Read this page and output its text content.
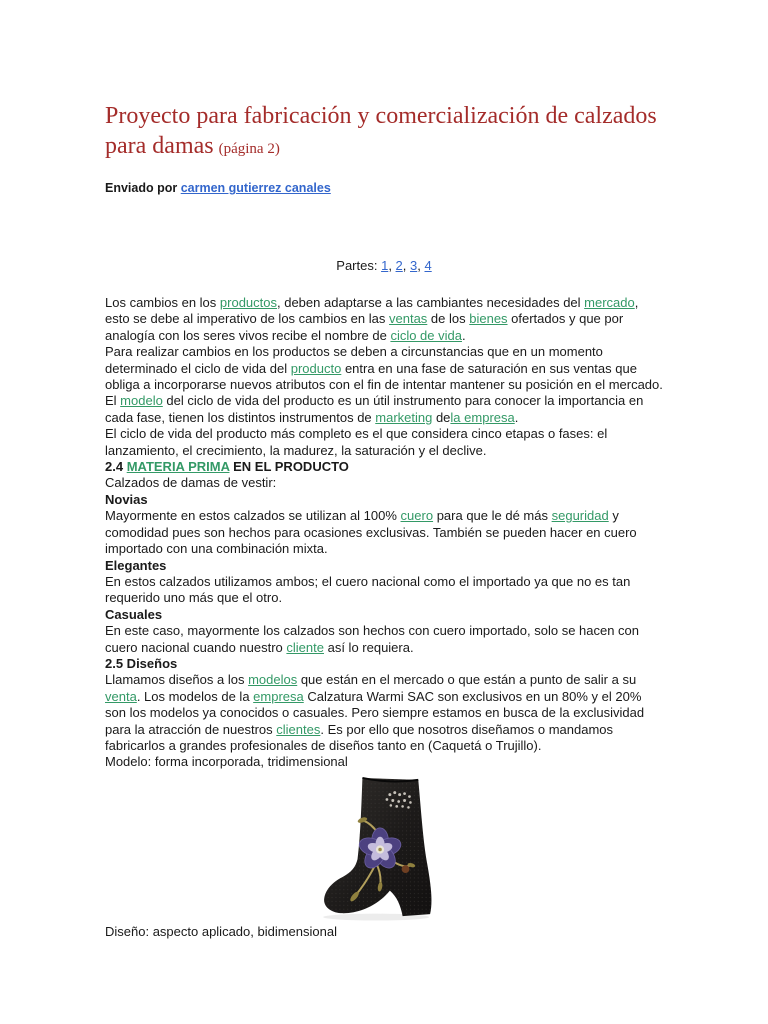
Proyecto para fabricación y comercialización de calzados para damas (página 2)

Enviado por carmen gutierrez canales

Partes: 1, 2, 3, 4

Los cambios en los productos, deben adaptarse a las cambiantes necesidades del mercado, esto se debe al imperativo de los cambios en las ventas de los bienes ofertados y que por analogía con los seres vivos recibe el nombre de ciclo de vida.

Para realizar cambios en los productos se deben a circunstancias que en un momento determinado el ciclo de vida del producto entra en una fase de saturación en sus ventas que obliga a incorporarse nuevos atributos con el fin de intentar mantener su posición en el mercado. El modelo del ciclo de vida del producto es un útil instrumento para conocer la importancia en cada fase, tienen los distintos instrumentos de marketing dela empresa.

El ciclo de vida del producto más completo es el que considera cinco etapas o fases: el lanzamiento, el crecimiento, la madurez, la saturación y el declive.

2.4 MATERIA PRIMA EN EL PRODUCTO

Calzados de damas de vestir:

Novias

Mayormente en estos calzados se utilizan al 100% cuero para que le dé más seguridad y comodidad pues son hechos para ocasiones exclusivas. También se pueden hacer en cuero importado con una combinación mixta.

Elegantes

En estos calzados utilizamos ambos; el cuero nacional como el importado ya que no es tan requerido uno más que el otro.

Casuales

En este caso, mayormente los calzados son hechos con cuero importado, solo se hacen con cuero nacional cuando nuestro cliente así lo requiera.

2.5 Diseños

Llamamos diseños a los modelos que están en el mercado o que están a punto de salir a su venta. Los modelos de la empresa Calzatura Warmi SAC son exclusivos en un 80% y el 20% son los modelos ya conocidos o casuales. Pero siempre estamos en busca de la exclusividad para la atracción de nuestros clientes. Es por ello que nosotros diseñamos o mandamos fabricarlos a grandes profesionales de diseños tanto en (Caquetá o Trujillo).

Modelo: forma incorporada, tridimensional

Diseño: aspecto aplicado, bidimensional
